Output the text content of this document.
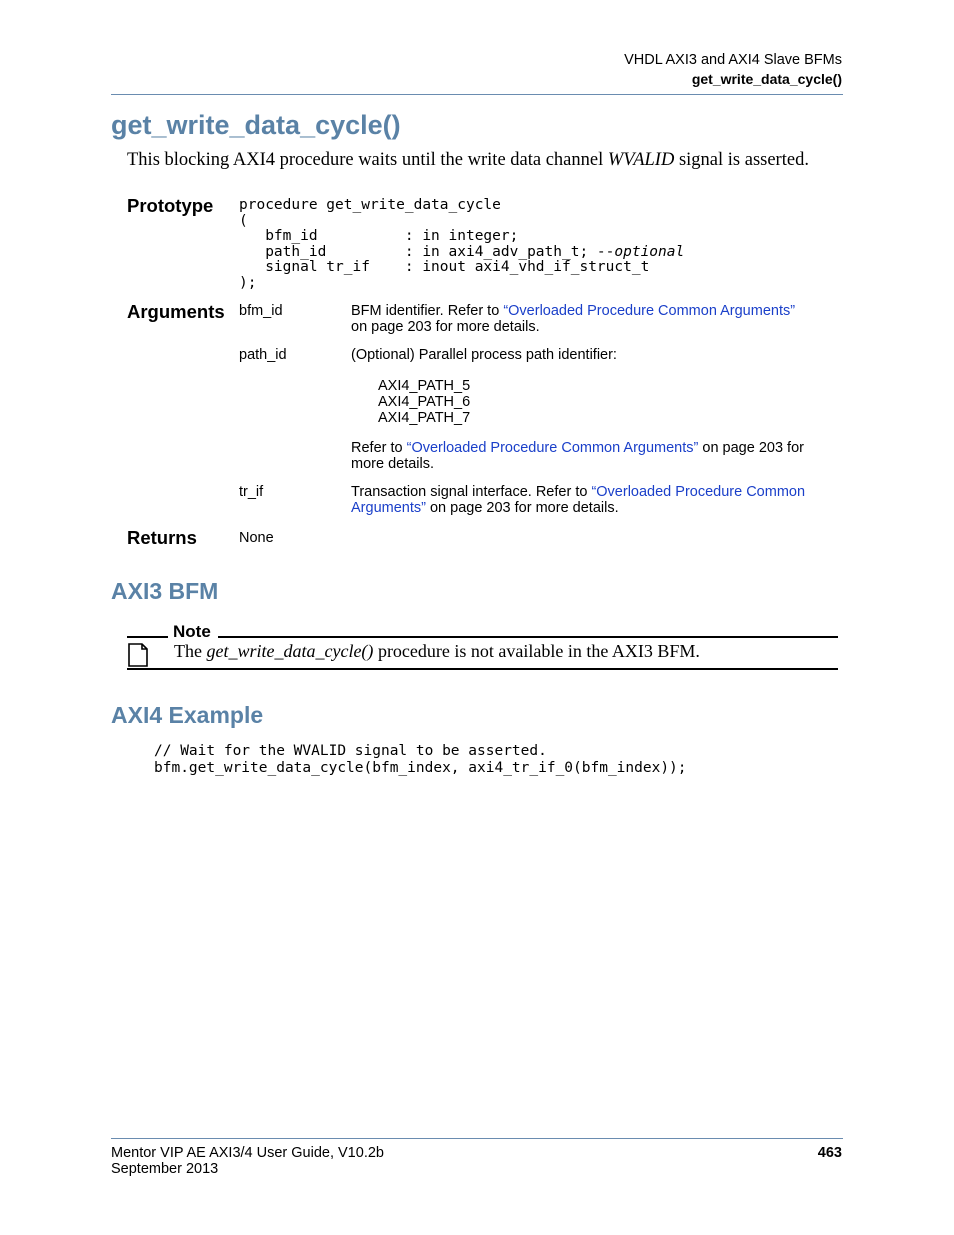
VHDL AXI3 and AXI4 Slave BFMs
get_write_data_cycle()
get_write_data_cycle()
This blocking AXI4 procedure waits until the write data channel WVALID signal is asserted.
Prototype procedure get_write_data_cycle
(
bfm_id          : in integer;
path_id         : in axi4_adv_path_t; --optional
signal tr_if    : inout axi4_vhd_if_struct_t
);
Arguments bfm_id	BFM identifier. Refer to “Overloaded Procedure Common Arguments”
on page 203 for more details.
path_id	(Optional) Parallel process path identifier:
AXI4_PATH_5
AXI4_PATH_6
AXI4_PATH_7
Refer to “Overloaded Procedure Common Arguments” on page 203 for
more details.
tr_if	Transaction signal interface. Refer to “Overloaded Procedure Common
Arguments” on page 203 for more details.
Returns	None
AXI3 BFM
Note
The get_write_data_cycle() procedure is not available in the AXI3 BFM.
AXI4 Example
// Wait for the WVALID signal to be asserted.
bfm.get_write_data_cycle(bfm_index, axi4_tr_if_0(bfm_index));
Mentor VIP AE AXI3/4 User Guide, V10.2b
September 2013
463
